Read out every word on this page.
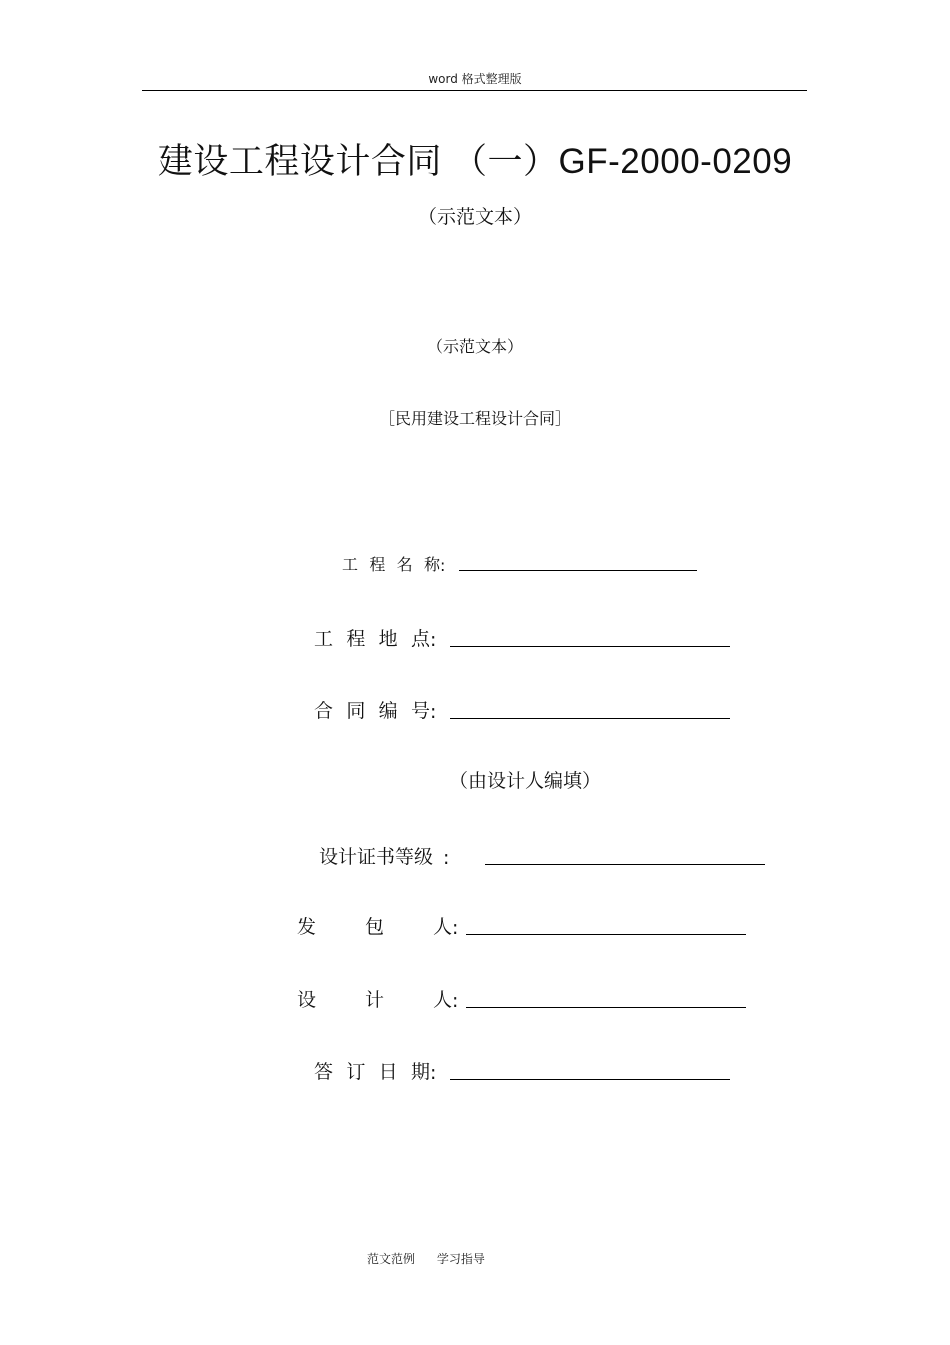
word 格式整理版
建设工程设计合同 （一）GF-2000-0209
（示范文本）
（示范文本）
［民用建设工程设计合同］
工 程 名 称 :
工 程 地 点 :
合 同 编 号 :
（由设计人编填）
设计证书等级 :
发	包	人 :
设	计	人 :
答 订 日 期 :
范文范例 学习指导
